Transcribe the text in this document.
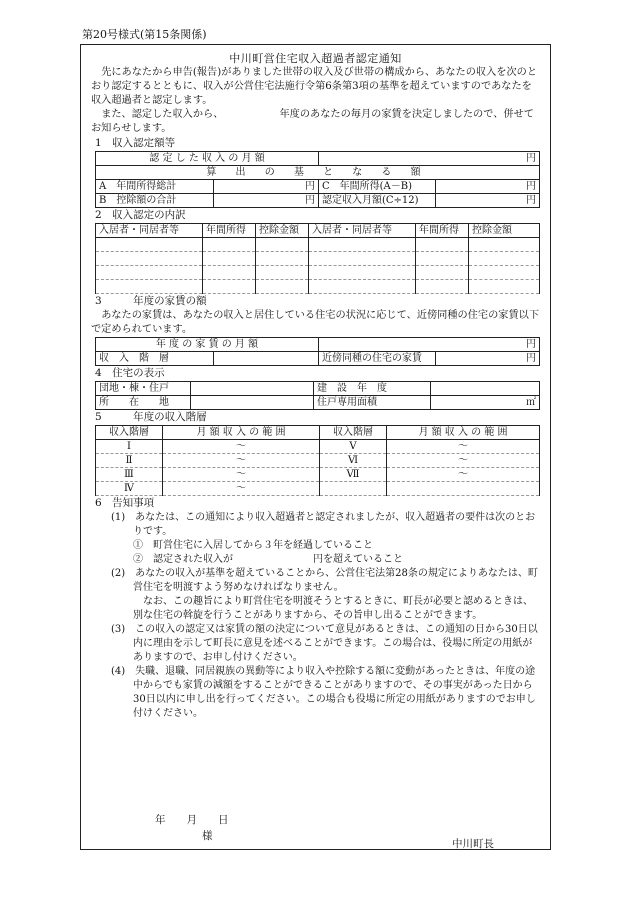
第20号様式(第15条関係)
中川町営住宅収入超過者認定通知
先にあなたから申告(報告)がありました世帯の収入及び世帯の構成から、あなたの収入を次のとおり認定するとともに、収入が公営住宅法施行令第6条第3項の基準を超えていますのであなたを収入超過者と認定します。
また、認定した収入から、　　　　　　年度のあなたの毎月の家賃を決定しましたので、併せてお知らせします。
1　収入認定額等
認 定 し た 収 入 の 月 額		円	
算 出 の 基 と な る 額			
A　年間所得総計	円	C　年間所得(A－B)	円
B　控除額の合計	円	認定収入月額(C÷12)	円
2　収入認定の内訳
入居者・同居者等	年間所得	控除金額	入居者・同居者等	年間所得	控除金額

3　　　年度の家賃の額
あなたの家賃は、あなたの収入と居住している住宅の状況に応じて、近傍同種の住宅の家賃以下で定められています。
年 度 の 家 賃 の 月 額		円	
収　入　階　層		近傍同種の住宅の家賃	円
4　住宅の表示
団地・棟・住戸		建　設　年　度	
所　　在　　地		住戸専用面積	㎡
5　　　年度の収入階層
収入階層	月 額 収 入 の 範 囲	収入階層	月 額 収 入 の 範 囲
Ⅰ	～	Ⅴ	～
Ⅱ	～	Ⅵ	～
Ⅲ	～	Ⅶ	～
Ⅳ	～		
6　告知事項
(1)　あなたは、この通知により収入超過者と認定されましたが、収入超過者の要件は次のとおりです。
①　町営住宅に入居してから３年を経過していること
②　認定された収入が　　　　　　　　円を超えていること
(2)　あなたの収入が基準を超えていることから、公営住宅法第28条の規定によりあなたは、町営住宅を明渡すよう努めなければなりません。
なお、この趣旨により町営住宅を明渡そうとするときに、町長が必要と認めるときは、別な住宅の斡旋を行うことがありますから、その旨申し出ることができます。
(3)　この収入の認定又は家賃の額の決定について意見があるときは、この通知の日から30日以内に理由を示して町長に意見を述べることができます。この場合は、役場に所定の用紙がありますので、お申し付けください。
(4)　失職、退職、同居親族の異動等により収入や控除する額に変動があったときは、年度の途中からでも家賃の減額をすることができることがありますので、その事実があった日から30日以内に申し出を行ってください。この場合も役場に所定の用紙がありますのでお申し付けください。
年　　月　　日
様
中川町長
